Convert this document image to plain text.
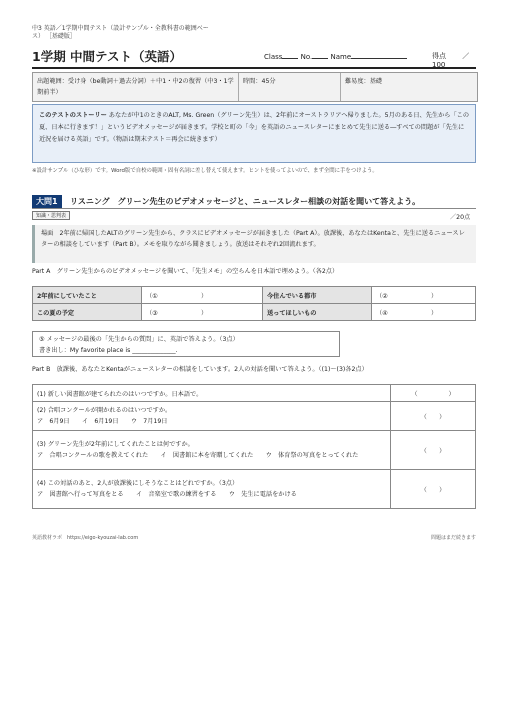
中3 英語／1学期中間テスト（設計サンプル・全教科書の範囲ベー
ス） ［基礎版］
1学期 中間テスト（英語）	Class	No.	Name	得点 ／100
出題範囲：受け身（be動詞＋過去分詞）＋中1・中2の復習（中3・1学期前半）
時間：45分	難易度：基礎
このテストのストーリー あなたが中1のときのALT, Ms. Green（グリーン先生）は、2年前にオーストラリアへ帰りました。5月のある日、先生から「この夏、日本に行きます！」というビデオメッセージが届きます。学校と町の「今」を英語のニュースレターにまとめて先生に送る―すべての問題が「先生に近況を届ける英語」です。（物語は期末テスト＝再会に続きます）
※設計サンプル（ひな形）です。Word版で自校の範囲・固有名詞に差し替えて使えます。ヒントを使ってよいので、まず全問に手をつけよう。
大問1	リスニング　グリーン先生のビデオメッセージと、ニュースレター相談の対話を聞いて答えよう。
知識・思判表	／20点
場面　2年前に帰国したALTのグリーン先生から、クラスにビデオメッセージが届きました（Part A）。放課後、あなたはKentaと、先生に送るニュースレターの相談をしています（Part B）。メモを取りながら聞きましょう。放送はそれぞれ2回流れます。
Part A　グリーン先生からのビデオメッセージを聞いて、「先生メモ」の空らんを日本語で埋めよう。（各2点）
2年前にしていたこと	（①　　　　　　　）	今住んでいる都市	（②　　　　　　　）
この夏の予定	（③　　　　　　　）	送ってほしいもの	（④　　　　　　　）
⑤ メッセージの最後の「先生からの質問」に、英語で答えよう。（3点）
書き出し：My favorite place is ______________.
Part B　放課後、あなたとKentaがニュースレターの相談をしています。2人の対話を聞いて答えよう。（(1)～(3)各2点）
(1) 新しい図書館が建てられたのはいつですか。日本語で。	（　　　　　）

(2) 合唱コンクールが開かれるのはいつですか。
ア　6月9日　　イ　6月19日　　ウ　7月19日	（　　）

(3) グリーン先生が2年前にしてくれたことは何ですか。
ア　合唱コンクールの歌を教えてくれた　　イ　図書館に本を寄贈してくれた　　ウ　体育祭の写真をとってくれた	（　　）

(4) この対話のあと、2人が放課後にしそうなことはどれですか。（3点）
ア　図書館へ行って写真をとる　　イ　音楽室で歌の練習をする　　ウ　先生に電話をかける	（　　）
英語教材ラボ　https://eigo-kyouzai-lab.com	問題はまだ続きます
